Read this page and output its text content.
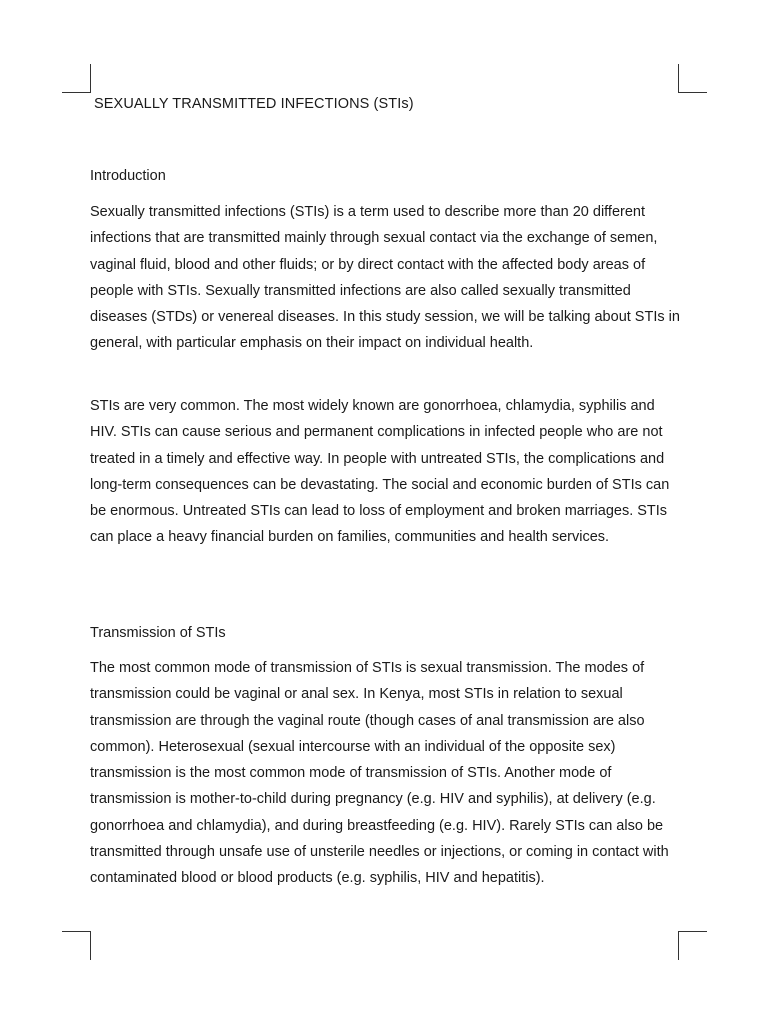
SEXUALLY TRANSMITTED INFECTIONS (STIs)
Introduction

Sexually transmitted infections (STIs) is a term used to describe more than 20 different infections that are transmitted mainly through sexual contact via the exchange of semen, vaginal fluid, blood and other fluids; or by direct contact with the affected body areas of people with STIs. Sexually transmitted infections are also called sexually transmitted diseases (STDs) or venereal diseases. In this study session, we will be talking about STIs in general, with particular emphasis on their impact on individual health.

STIs are very common. The most widely known are gonorrhoea, chlamydia, syphilis and HIV. STIs can cause serious and permanent complications in infected people who are not treated in a timely and effective way. In people with untreated STIs, the complications and long-term consequences can be devastating. The social and economic burden of STIs can be enormous. Untreated STIs can lead to loss of employment and broken marriages. STIs can place a heavy financial burden on families, communities and health services.

Transmission of STIs

The most common mode of transmission of STIs is sexual transmission. The modes of transmission could be vaginal or anal sex. In Kenya, most STIs in relation to sexual transmission are through the vaginal route (though cases of anal transmission are also common). Heterosexual (sexual intercourse with an individual of the opposite sex) transmission is the most common mode of transmission of STIs. Another mode of transmission is mother-to-child during pregnancy (e.g. HIV and syphilis), at delivery (e.g. gonorrhoea and chlamydia), and during breastfeeding (e.g. HIV). Rarely STIs can also be transmitted through unsafe use of unsterile needles or injections, or coming in contact with contaminated blood or blood products (e.g. syphilis, HIV and hepatitis).
